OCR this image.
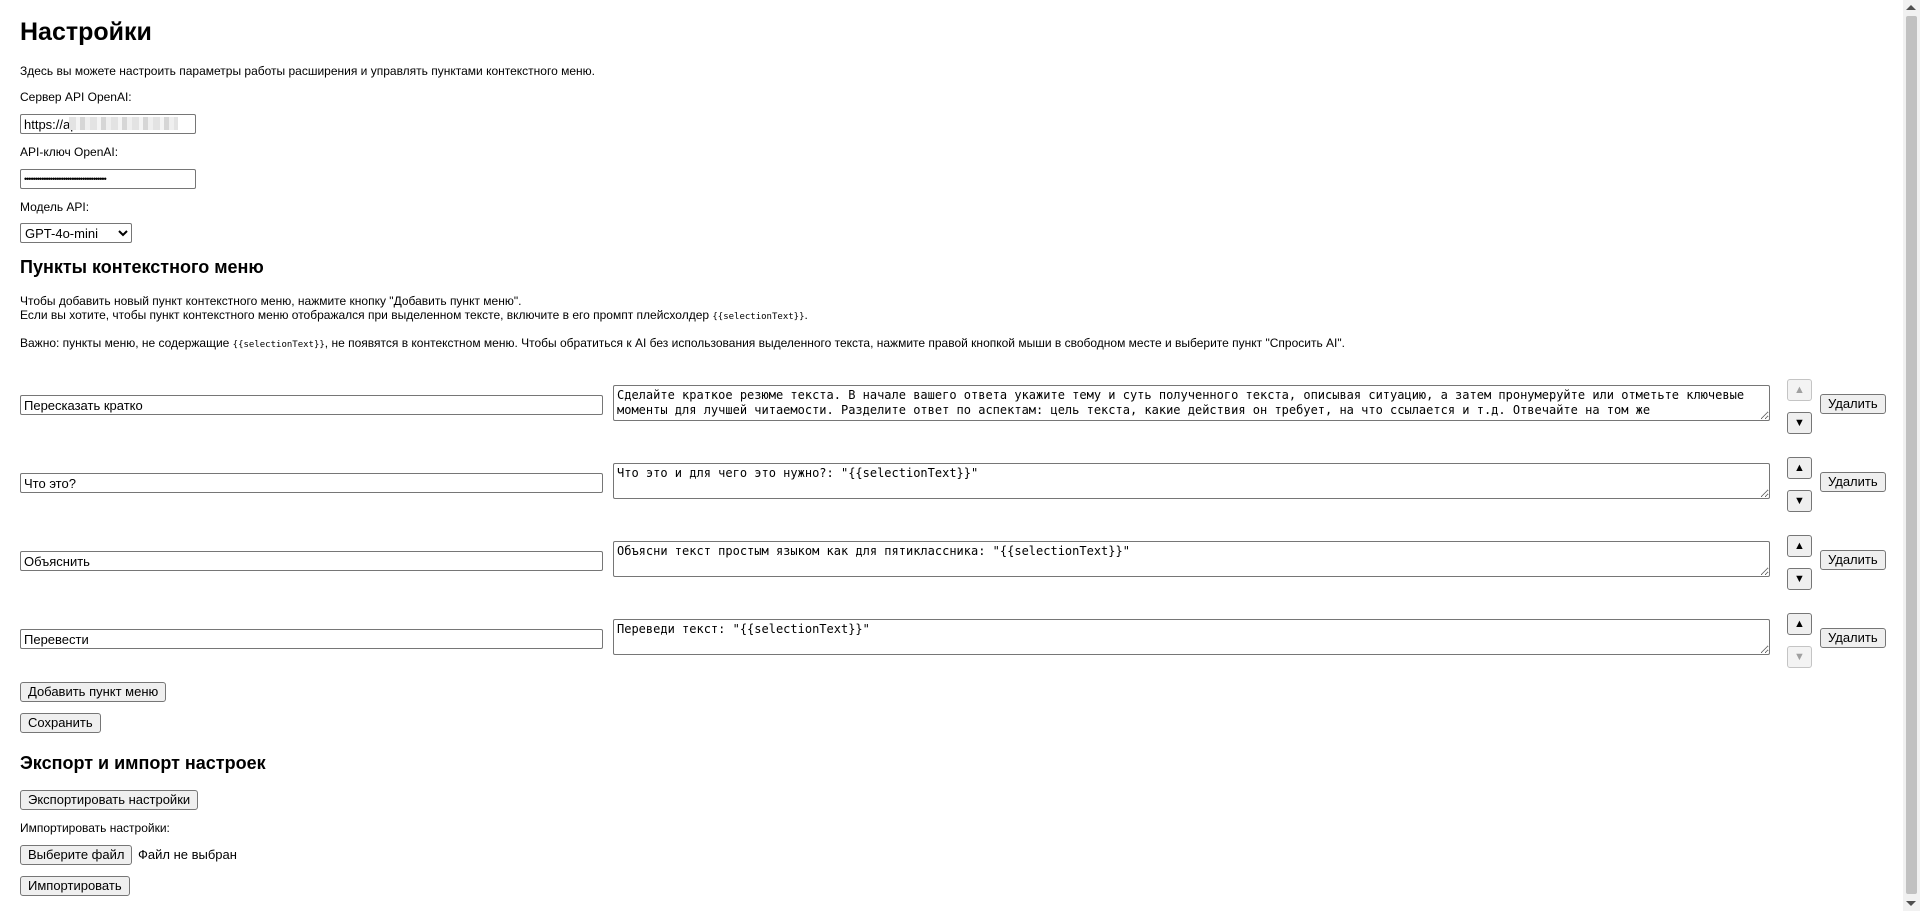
Настройки
Здесь вы можете настроить параметры работы расширения и управлять пунктами контекстного меню.
Сервер API OpenAI:
https://api.
API-ключ OpenAI:
••••••••••••••••••••••••••••••••••••••
Модель API:
GPT-4o-mini
Пункты контекстного меню
Чтобы добавить новый пункт контекстного меню, нажмите кнопку "Добавить пункт меню".
Если вы хотите, чтобы пункт контекстного меню отображался при выделенном тексте, включите в его промпт плейсхолдер {{selectionText}}.
Важно: пункты меню, не содержащие {{selectionText}}, не появятся в контекстном меню. Чтобы обратиться к AI без использования выделенного текста, нажмите правой кнопкой мыши в свободном месте и выберите пункт "Спросить AI".
Пересказать кратко
Сделайте краткое резюме текста. В начале вашего ответа укажите тему и суть полученного текста, описывая ситуацию, а затем пронумеруйте или отметьте ключевые моменты для лучшей читаемости. Разделите ответ по аспектам: цель текста, какие действия он требует, на что ссылается и т.д. Отвечайте на том же
▲
▼
Удалить
Что это?
Что это и для чего это нужно?: "{{selectionText}}"
▲
▼
Удалить
Объяснить
Объясни текст простым языком как для пятиклассника: "{{selectionText}}"
▲
▼
Удалить
Перевести
Переведи текст: "{{selectionText}}"
▲
▼
Удалить
Добавить пункт меню
Сохранить
Экспорт и импорт настроек
Экспортировать настройки
Импортировать настройки:
Выберите файл	Файл не выбран
Импортировать
